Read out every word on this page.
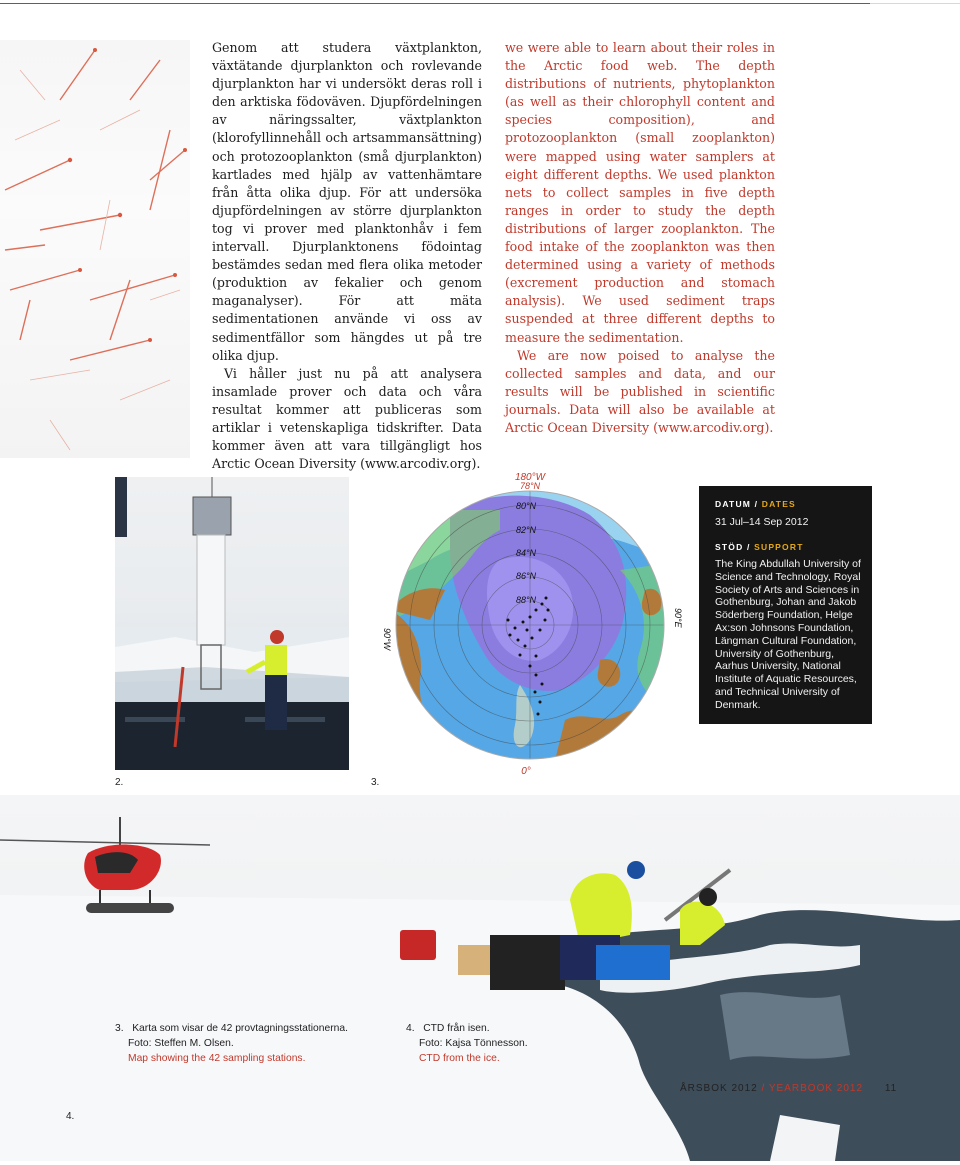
Genom att studera växtplankton, växtätande djurplankton och rovlevande djurplankton har vi undersökt deras roll i den arktiska födoväven. Djupfördelningen av näringssalter, växtplankton (klorofyllinnehåll och artsammansättning) och protozooplankton (små djurplankton) kartlades med hjälp av vattenhämtare från åtta olika djup. För att undersöka djupfördelningen av större djurplankton tog vi prover med planktonhåv i fem intervall. Djurplanktonens födointag bestämdes sedan med flera olika metoder (produktion av fekalier och genom maganalyser). För att mäta sedimentationen använde vi oss av sedimentfällor som hängdes ut på tre olika djup.

Vi håller just nu på att analysera insamlade prover och data och våra resultat kommer att publiceras som artiklar i vetenskapliga tidskrifter. Data kommer även att vara tillgängligt hos Arctic Ocean Diversity (www.arcodiv.org).

we were able to learn about their roles in the Arctic food web. The depth distributions of nutrients, phytoplankton (as well as their chlorophyll content and species composition), and protozooplankton (small zooplankton) were mapped using water samplers at eight different depths. We used plankton nets to collect samples in five depth ranges in order to study the depth distributions of larger zooplankton. The food intake of the zooplankton was then determined using a variety of methods (excrement production and stomach analysis). We used sediment traps suspended at three different depths to measure the sedimentation.

We are now poised to analyse the collected samples and data, and our results will be published in scientific journals. Data will also be available at Arctic Ocean Diversity (www.arcodiv.org).

180°W
78°N
80°N
82°N
84°N
86°N
88°N
90°W
90°E
0°
DATUM / DATES
31 Jul–14 Sep 2012
STÖD / SUPPORT
The King Abdullah University of Science and Technology, Royal Society of Arts and Sciences in Gothenburg, Johan and Jakob Söderberg Foundation, Helge Ax:son Johnsons Foundation, Längman Cultural Foundation, University of Gothenburg, Aarhus University, National Institute of Aquatic Resources, and Technical University of Denmark.
2.	3.
3. Karta som visar de 42 provtagningsstationerna.
Foto: Steffen M. Olsen.
Map showing the 42 sampling stations.
4. CTD från isen.
Foto: Kajsa Tönnesson.
CTD from the ice.
ÅRSBOK 2012 / YEARBOOK 2012 11
4.
